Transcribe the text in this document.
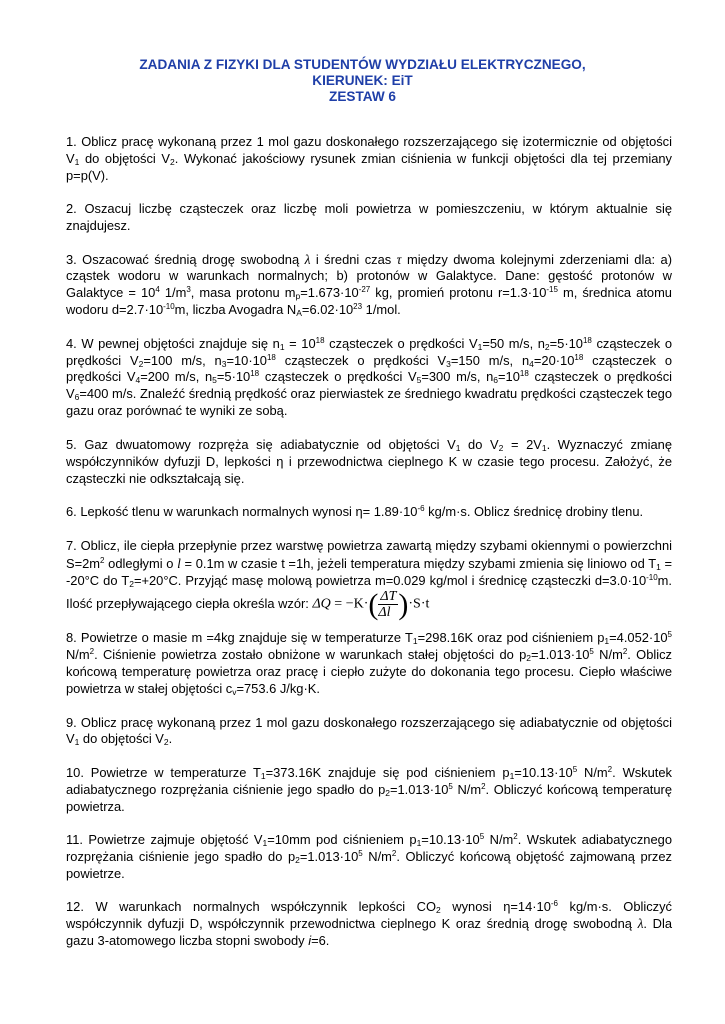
ZADANIA Z FIZYKI DLA STUDENTÓW WYDZIAŁU ELEKTRYCZNEGO,
KIERUNEK: EiT
ZESTAW 6

1. Oblicz pracę wykonaną przez 1 mol gazu doskonałego rozszerzającego się izotermicznie od objętości $V_1$ do objętości $V_2$. Wykonać jakościowy rysunek zmian ciśnienia w funkcji objętości dla tej przemiany p=p(V).

2. Oszacuj liczbę cząsteczek oraz liczbę moli powietrza w pomieszczeniu, w którym aktualnie się znajdujesz.

3. Oszacować średnią drogę swobodną λ i średni czas τ między dwoma kolejnymi zderzeniami dla: a) cząstek wodoru w warunkach normalnych; b) protonów w Galaktyce. Dane: gęstość protonów w Galaktyce = $10^4$ $1/m^3$, masa protonu $m_p=1.673\cdot 10^{-27}$ kg, promień protonu $r=1.3\cdot 10^{-15}$ m, średnica atomu wodoru $d=2.7\cdot 10^{-10}m$, liczba Avogadra $N_A=6.02\cdot 10^{23}$ 1/mol.

4. W pewnej objętości znajduje się $n_1 = 10^{18}$ cząsteczek o prędkości $V_1=50$ m/s, $n_2=5\cdot 10^{18}$ cząsteczek o prędkości $V_2=100$ m/s, $n_3=10\cdot 10^{18}$ cząsteczek o prędkości $V_3=150$ m/s, $n_4=20\cdot 10^{18}$ cząsteczek o prędkości $V_4=200$ m/s, $n_5=5\cdot 10^{18}$ cząsteczek o prędkości $V_5=300$ m/s, $n_6=10^{18}$ cząsteczek o prędkości $V_6=400$ m/s. Znaleźć średnią prędkość oraz pierwiastek ze średniego kwadratu prędkości cząsteczek tego gazu oraz porównać te wyniki ze sobą.

5. Gaz dwuatomowy rozpręża się adiabatycznie od objętości $V_1$ do $V_2 = 2V_1$. Wyznaczyć zmianę współczynników dyfuzji D, lepkości η i przewodnictwa cieplnego K w czasie tego procesu. Założyć, że cząsteczki nie odkształcają się.

6. Lepkość tlenu w warunkach normalnych wynosi $\eta= 1.89\cdot 10^{-6}$ kg/m·s. Oblicz średnicę drobiny tlenu.

7. Oblicz, ile ciepła przepłynie przez warstwę powietrza zawartą między szybami okiennymi o powierzchni $S=2m^2$ odległymi o l = 0.1m w czasie t =1h, jeżeli temperatura między szybami zmienia się liniowo od $T_1 = -20^\circ C$ do $T_2=+20^\circ C$. Przyjąć masę molową powietrza m=0.029 kg/mol i średnicę cząsteczki $d=3.0\cdot 10^{-10}m$. Ilość przepływającego ciepła określa wzór: $\Delta Q = -K\cdot( \frac{\Delta T}{\Delta l} )\cdot S\cdot t$

8. Powietrze o masie m =4kg znajduje się w temperaturze $T_1=298.16K$ oraz pod ciśnieniem $p_1=4.052\cdot 10^5$ $N/m^2$. Ciśnienie powietrza zostało obniżone w warunkach stałej objętości do $p_2=1.013\cdot 10^5$ $N/m^2$. Oblicz końcową temperaturę powietrza oraz pracę i ciepło zużyte do dokonania tego procesu. Ciepło właściwe powietrza w stałej objętości $c_v=753.6$ J/kg·K.

9. Oblicz pracę wykonaną przez 1 mol gazu doskonałego rozszerzającego się adiabatycznie od objętości $V_1$ do objętości $V_2$.

10. Powietrze w temperaturze $T_1=373.16K$ znajduje się pod ciśnieniem $p_1=10.13\cdot 10^5$ $N/m^2$. Wskutek adiabatycznego rozprężania ciśnienie jego spadło do $p_2=1.013\cdot 10^5$ $N/m^2$. Obliczyć końcową temperaturę powietrza.

11. Powietrze zajmuje objętość $V_1=10mm$ pod ciśnieniem $p_1=10.13\cdot 10^5$ $N/m^2$. Wskutek adiabatycznego rozprężania ciśnienie jego spadło do $p_2=1.013\cdot 10^5$ $N/m^2$. Obliczyć końcową objętość zajmowaną przez powietrze.

12. W warunkach normalnych współczynnik lepkości $CO_2$ wynosi $\eta=14\cdot 10^{-6}$ kg/m·s. Obliczyć współczynnik dyfuzji D, współczynnik przewodnictwa cieplnego K oraz średnią drogę swobodną λ. Dla gazu 3-atomowego liczba stopni swobody i=6.
